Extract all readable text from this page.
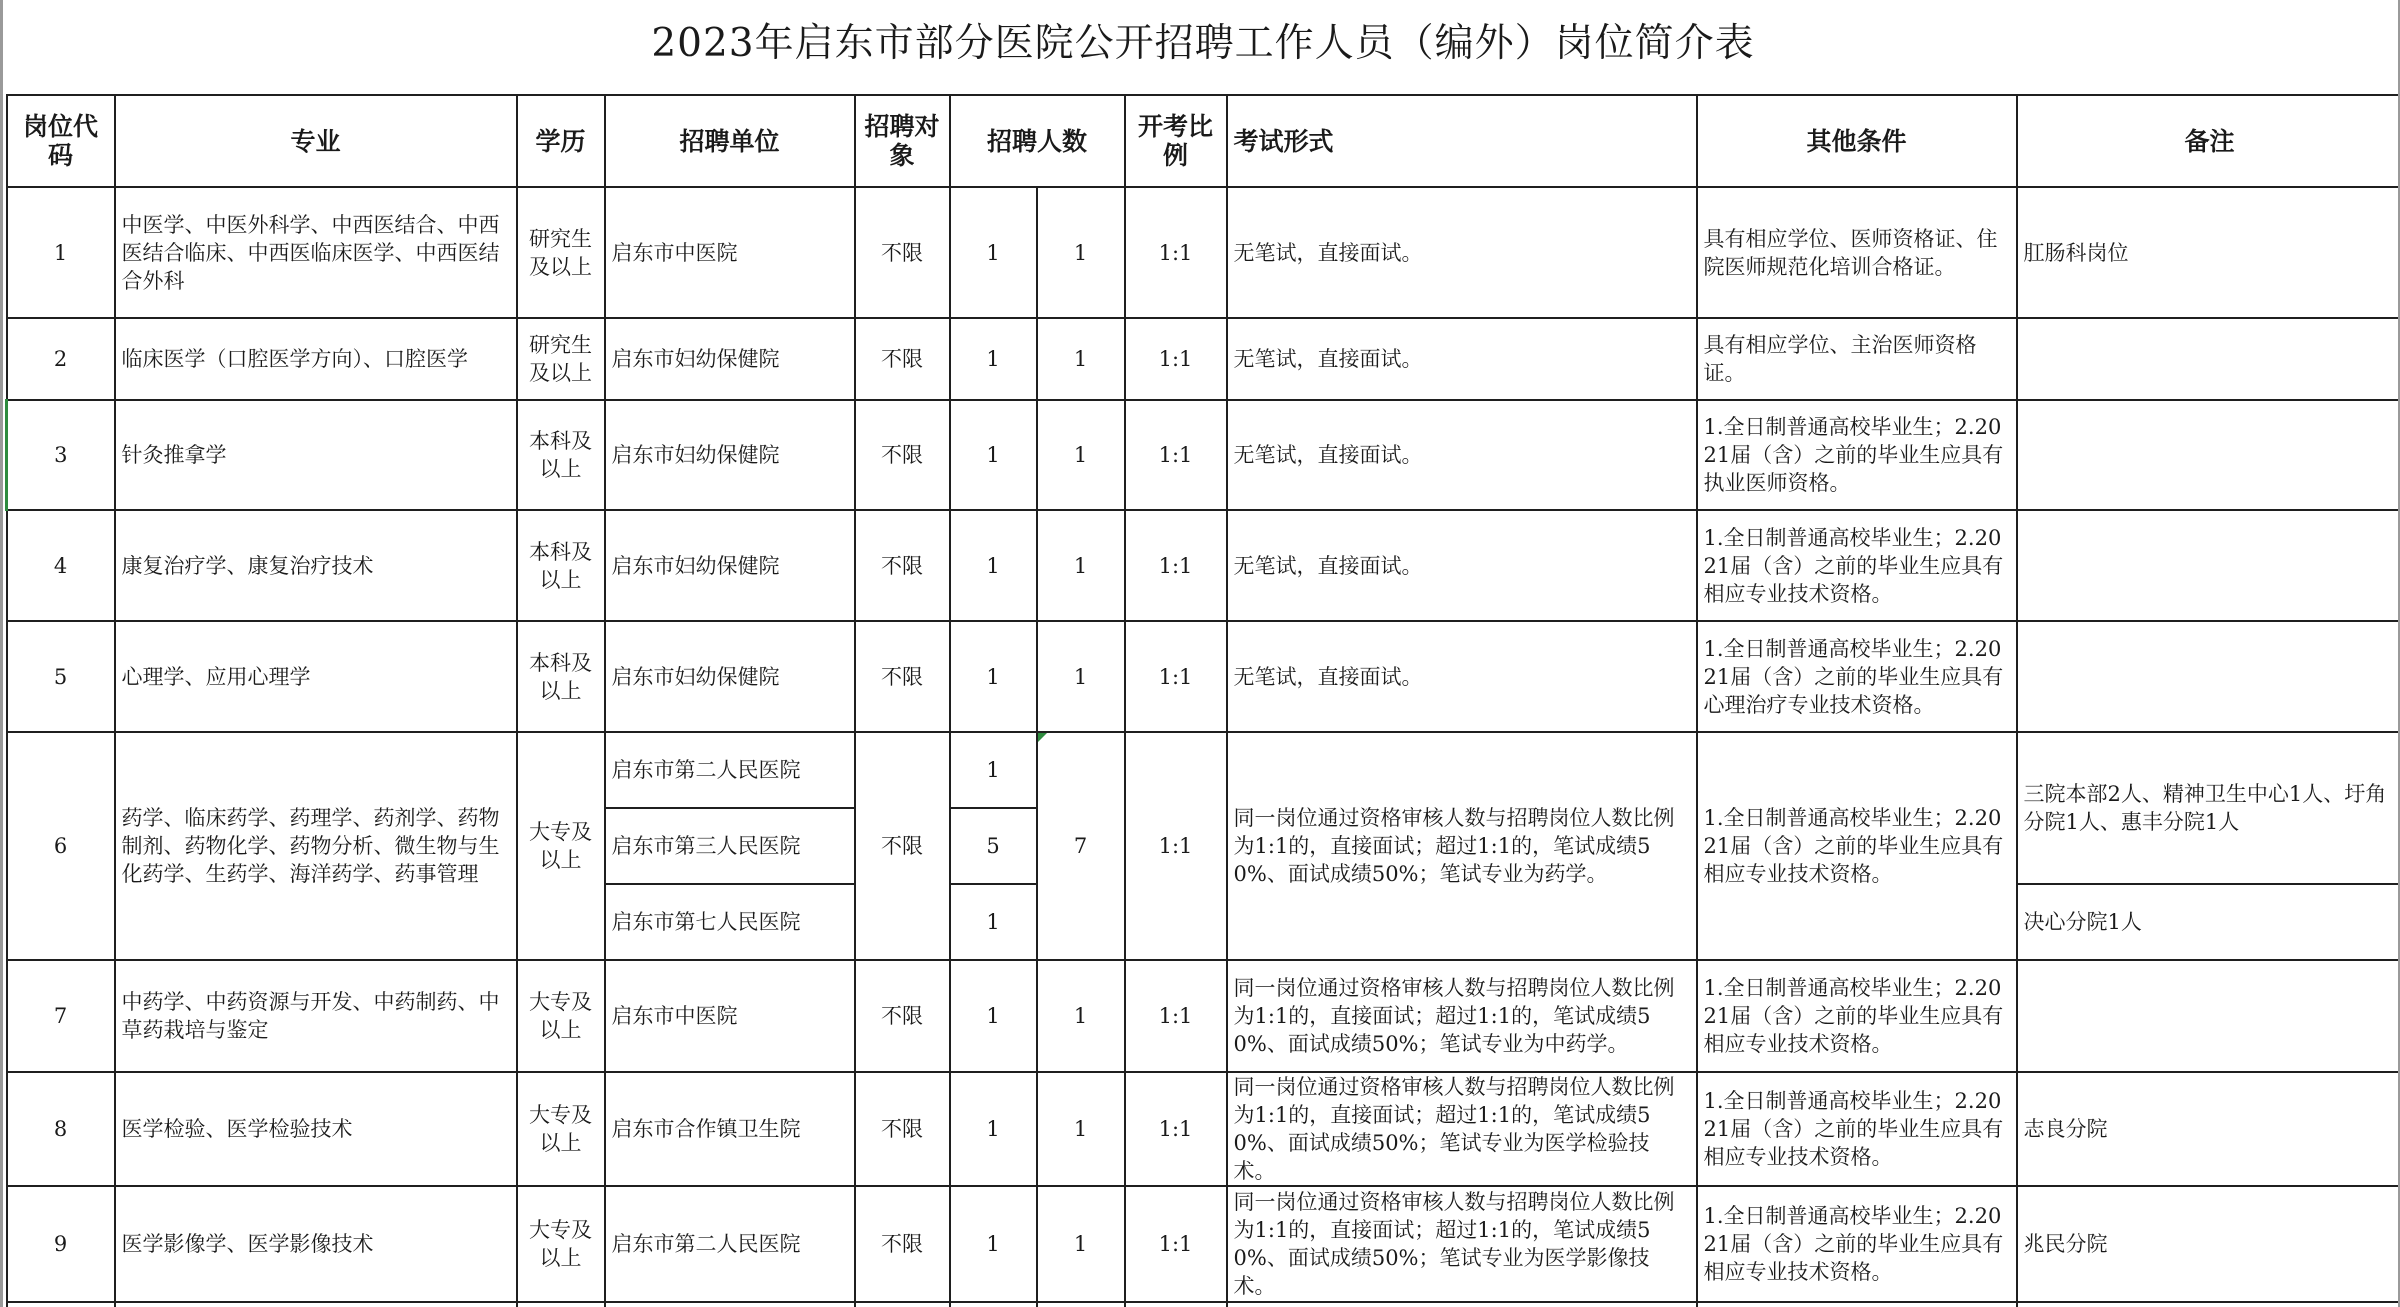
2023年启东市部分医院公开招聘工作人员（编外）岗位简介表
岗位代码	专业	学历	招聘单位	招聘对象	招聘人数		开考比例	考试形式	其他条件	备注
1	中医学、中医外科学、中西医结合、中西医结合临床、中西医临床医学、中西医结合外科	研究生及以上	启东市中医院	不限	1	1	1:1	无笔试，直接面试。	具有相应学位、医师资格证、住院医师规范化培训合格证。	肛肠科岗位
2	临床医学（口腔医学方向）、口腔医学	研究生及以上	启东市妇幼保健院	不限	1	1	1:1	无笔试，直接面试。	具有相应学位、主治医师资格证。	
3	针灸推拿学	本科及以上	启东市妇幼保健院	不限	1	1	1:1	无笔试，直接面试。	1.全日制普通高校毕业生；2.2021届（含）之前的毕业生应具有执业医师资格。	
4	康复治疗学、康复治疗技术	本科及以上	启东市妇幼保健院	不限	1	1	1:1	无笔试，直接面试。	1.全日制普通高校毕业生；2.2021届（含）之前的毕业生应具有相应专业技术资格。	
5	心理学、应用心理学	本科及以上	启东市妇幼保健院	不限	1	1	1:1	无笔试，直接面试。	1.全日制普通高校毕业生；2.2021届（含）之前的毕业生应具有心理治疗专业技术资格。	
6	药学、临床药学、药理学、药剂学、药物制剂、药物化学、药物分析、微生物与生化药学、生药学、海洋药学、药事管理	大专及以上	启东市第二人民医院	不限	1	7	1:1	同一岗位通过资格审核人数与招聘岗位人数比例为1:1的，直接面试；超过1:1的，笔试成绩50%、面试成绩50%；笔试专业为药学。	1.全日制普通高校毕业生；2.2021届（含）之前的毕业生应具有相应专业技术资格。	三院本部2人、精神卫生中心1人、圩角分院1人、惠丰分院1人
			启东市第三人民医院		5					
			启东市第七人民医院		1					决心分院1人
7	中药学、中药资源与开发、中药制药、中草药栽培与鉴定	大专及以上	启东市中医院	不限	1	1	1:1	同一岗位通过资格审核人数与招聘岗位人数比例为1:1的，直接面试；超过1:1的，笔试成绩50%、面试成绩50%；笔试专业为中药学。	1.全日制普通高校毕业生；2.2021届（含）之前的毕业生应具有相应专业技术资格。	
8	医学检验、医学检验技术	大专及以上	启东市合作镇卫生院	不限	1	1	1:1	同一岗位通过资格审核人数与招聘岗位人数比例为1:1的，直接面试；超过1:1的，笔试成绩50%、面试成绩50%；笔试专业为医学检验技术。	1.全日制普通高校毕业生；2.2021届（含）之前的毕业生应具有相应专业技术资格。	志良分院
9	医学影像学、医学影像技术	大专及以上	启东市第二人民医院	不限	1	1	1:1	同一岗位通过资格审核人数与招聘岗位人数比例为1:1的，直接面试；超过1:1的，笔试成绩50%、面试成绩50%；笔试专业为医学影像技术。	1.全日制普通高校毕业生；2.2021届（含）之前的毕业生应具有相应专业技术资格。	兆民分院
